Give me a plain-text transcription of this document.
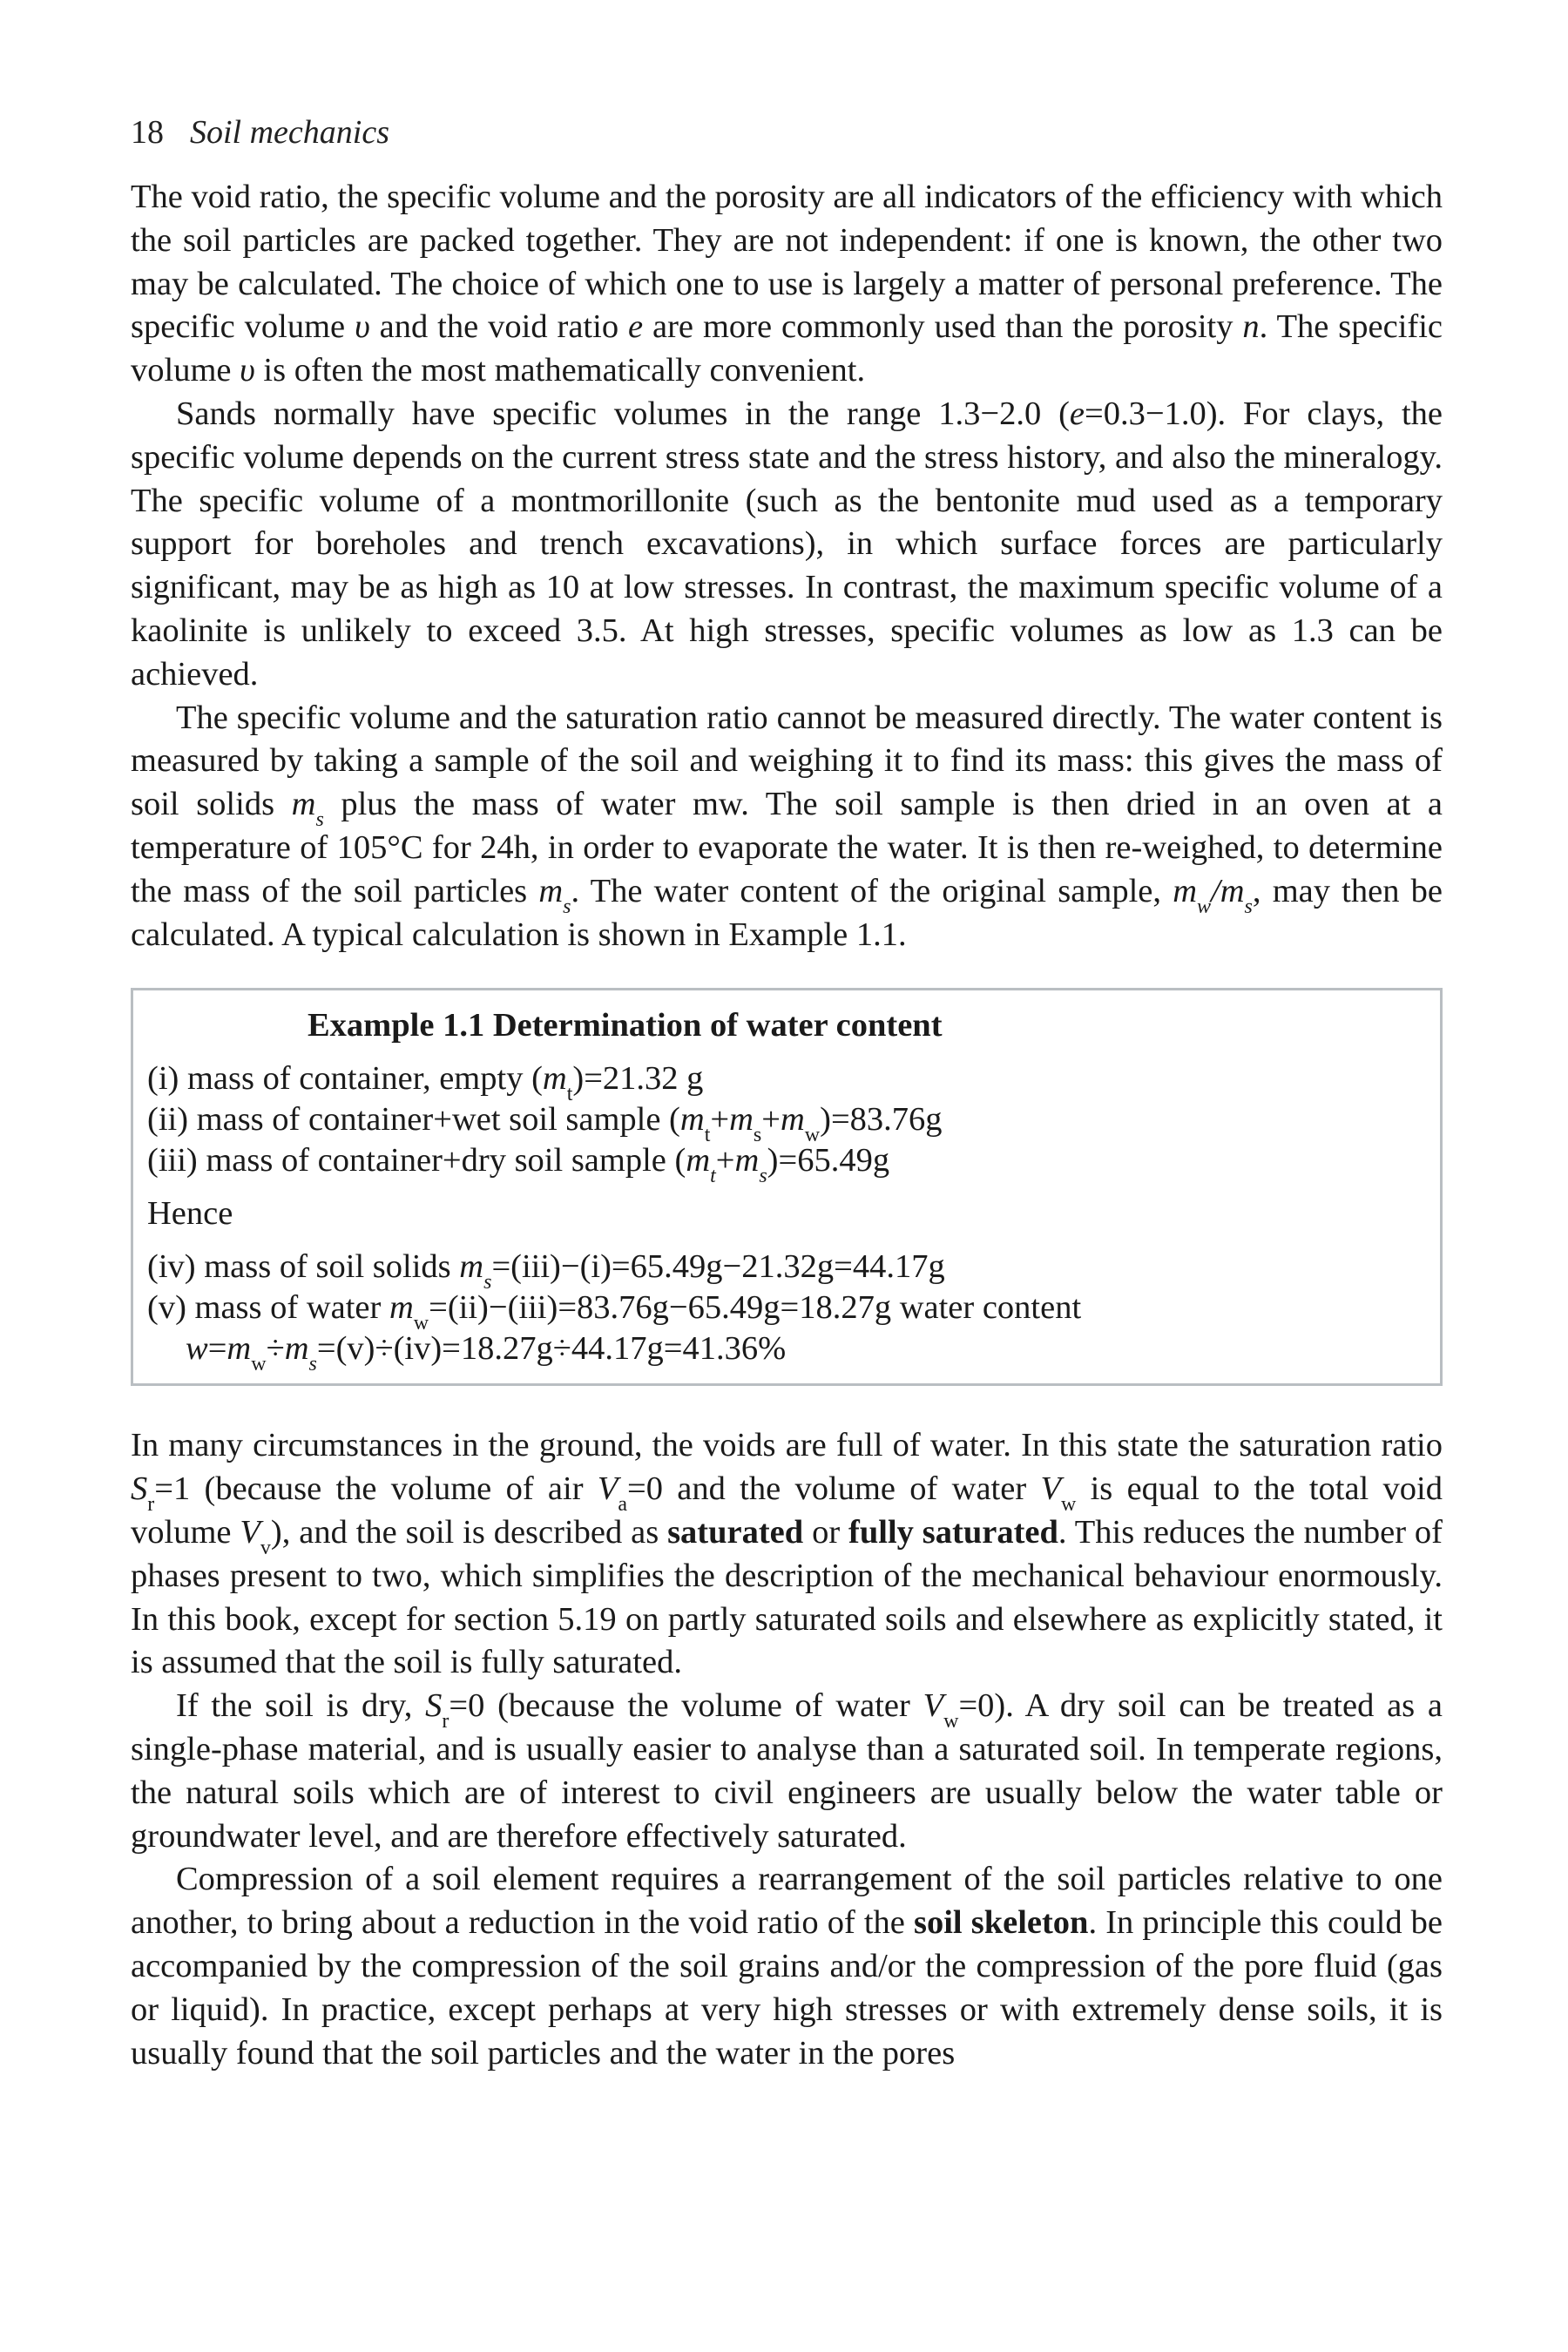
18 Soil mechanics

The void ratio, the specific volume and the porosity are all indicators of the efficiency with which the soil particles are packed together. They are not independent: if one is known, the other two may be calculated. The choice of which one to use is largely a matter of personal preference. The specific volume υ and the void ratio e are more commonly used than the porosity n. The specific volume υ is often the most mathematically convenient.

Sands normally have specific volumes in the range 1.3−2.0 (e=0.3−1.0). For clays, the specific volume depends on the current stress state and the stress history, and also the mineralogy. The specific volume of a montmorillonite (such as the bentonite mud used as a temporary support for boreholes and trench excavations), in which surface forces are particularly significant, may be as high as 10 at low stresses. In contrast, the maximum specific volume of a kaolinite is unlikely to exceed 3.5. At high stresses, specific volumes as low as 1.3 can be achieved.

The specific volume and the saturation ratio cannot be measured directly. The water content is measured by taking a sample of the soil and weighing it to find its mass: this gives the mass of soil solids $m_s$ plus the mass of water mw. The soil sample is then dried in an oven at a temperature of 105°C for 24h, in order to evaporate the water. It is then re-weighed, to determine the mass of the soil particles $m_s$. The water content of the original sample, $m_w/m_s$, may then be calculated. A typical calculation is shown in Example 1.1.

Example 1.1 Determination of water content
(i) mass of container, empty $(m_t)=21.32$ g
(ii) mass of container+wet soil sample $(m_t+m_s+m_w)=83.76g$
(iii) mass of container+dry soil sample $(m_t+m_s)=65.49g$
Hence
(iv) mass of soil solids $m_s=(iii)-(i)=65.49g-21.32g=44.17g$
(v) mass of water $m_w=(ii)-(iii)=83.76g-65.49g=18.27g$ water content
$w=m_w\div m_s=(v)\div(iv)=18.27g\div 44.17g=41.36\%$

In many circumstances in the ground, the voids are full of water. In this state the saturation ratio $S_r=1$ (because the volume of air $V_a=0$ and the volume of water $V_w$ is equal to the total void volume $V_v$), and the soil is described as saturated or fully saturated. This reduces the number of phases present to two, which simplifies the description of the mechanical behaviour enormously. In this book, except for section 5.19 on partly saturated soils and elsewhere as explicitly stated, it is assumed that the soil is fully saturated.

If the soil is dry, $S_r=0$ (because the volume of water $V_w=0$). A dry soil can be treated as a single-phase material, and is usually easier to analyse than a saturated soil. In temperate regions, the natural soils which are of interest to civil engineers are usually below the water table or groundwater level, and are therefore effectively saturated.

Compression of a soil element requires a rearrangement of the soil particles relative to one another, to bring about a reduction in the void ratio of the soil skeleton. In principle this could be accompanied by the compression of the soil grains and/or the compression of the pore fluid (gas or liquid). In practice, except perhaps at very high stresses or with extremely dense soils, it is usually found that the soil particles and the water in the pores
